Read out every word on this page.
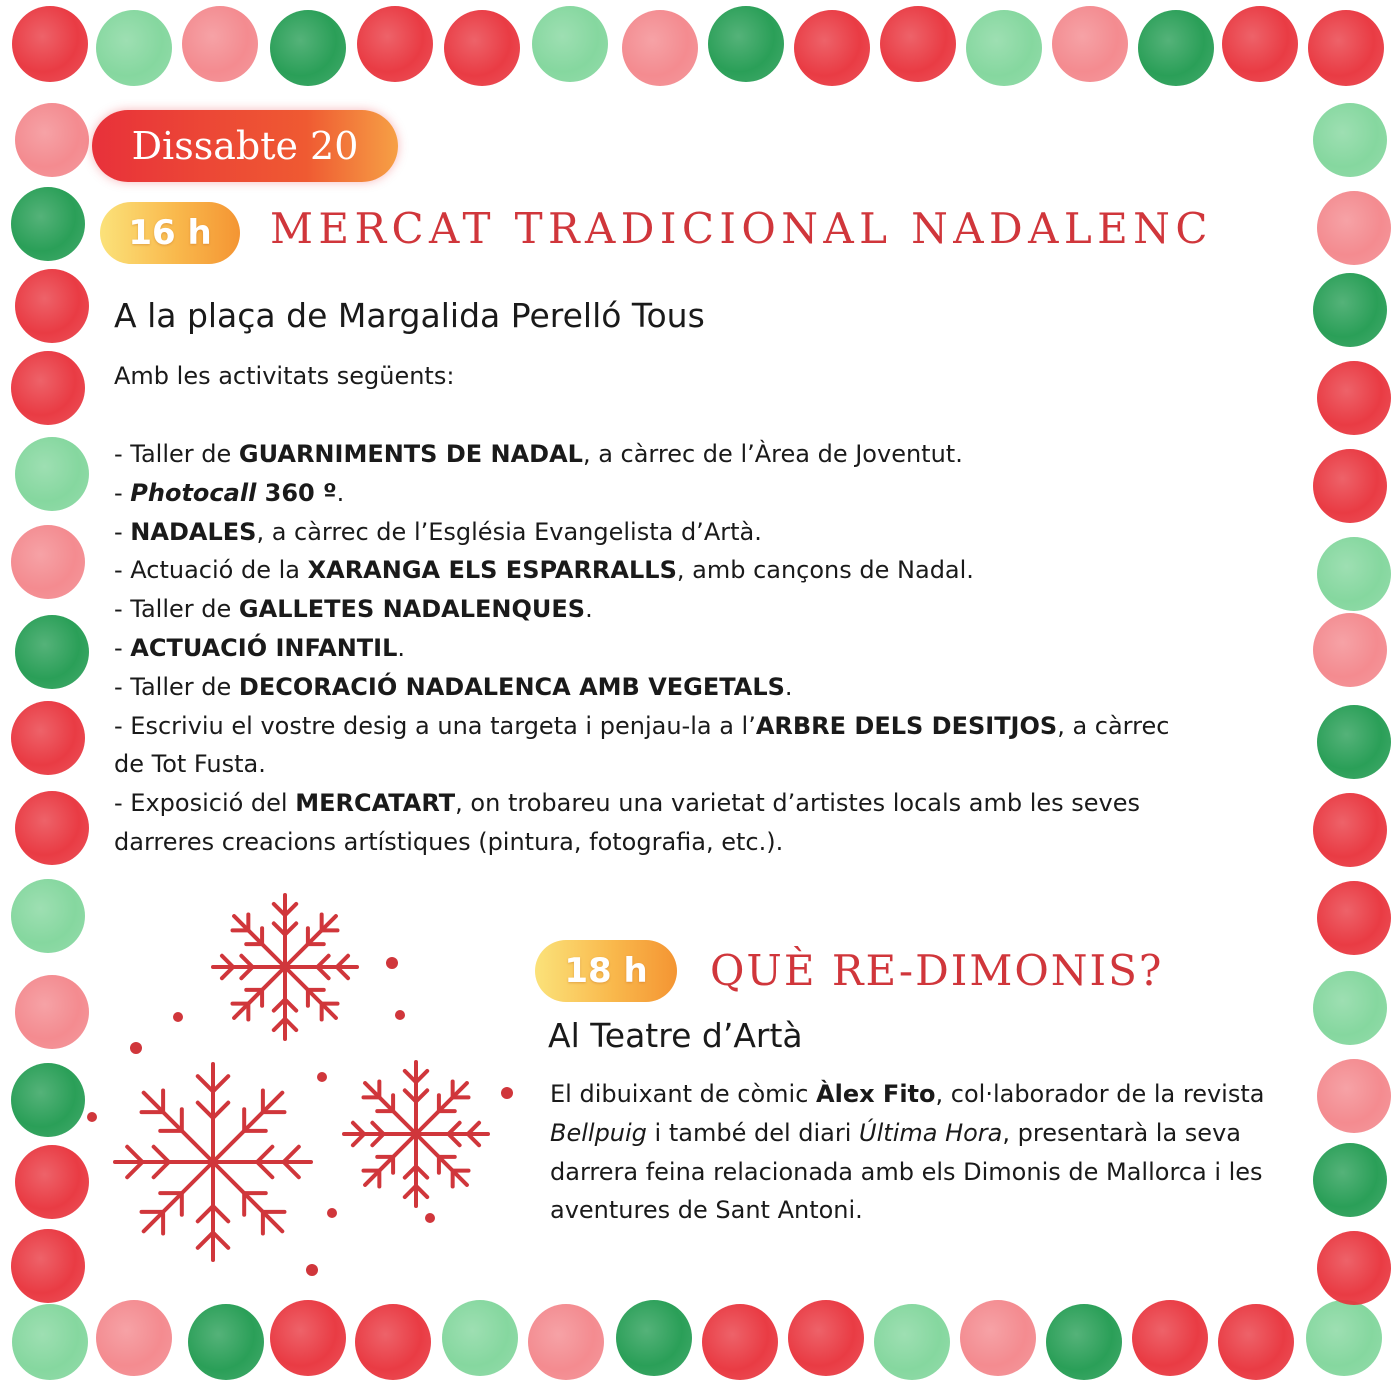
Dissabte 20
16 h MERCAT TRADICIONAL NADALENC
A la plaça de Margalida Perelló Tous
Amb les activitats següents:
- Taller de GUARNIMENTS DE NADAL, a càrrec de l’Àrea de Joventut.
- Photocall 360 º.
- NADALES, a càrrec de l’Església Evangelista d’Artà.
- Actuació de la XARANGA ELS ESPARRALLS, amb cançons de Nadal.
- Taller de GALLETES NADALENQUES.
- ACTUACIÓ INFANTIL.
- Taller de DECORACIÓ NADALENCA AMB VEGETALS.
- Escriviu el vostre desig a una targeta i penjau-la a l’ARBRE DELS DESITJOS, a càrrec de Tot Fusta.
- Exposició del MERCATART, on trobareu una varietat d’artistes locals amb les seves darreres creacions artístiques (pintura, fotografia, etc.).
18 h QUÈ RE-DIMONIS?
Al Teatre d’Artà

El dibuixant de còmic Àlex Fito, col·laborador de la revista Bellpuig i també del diari Última Hora, presentarà la seva darrera feina relacionada amb els Dimonis de Mallorca i les aventures de Sant Antoni.
